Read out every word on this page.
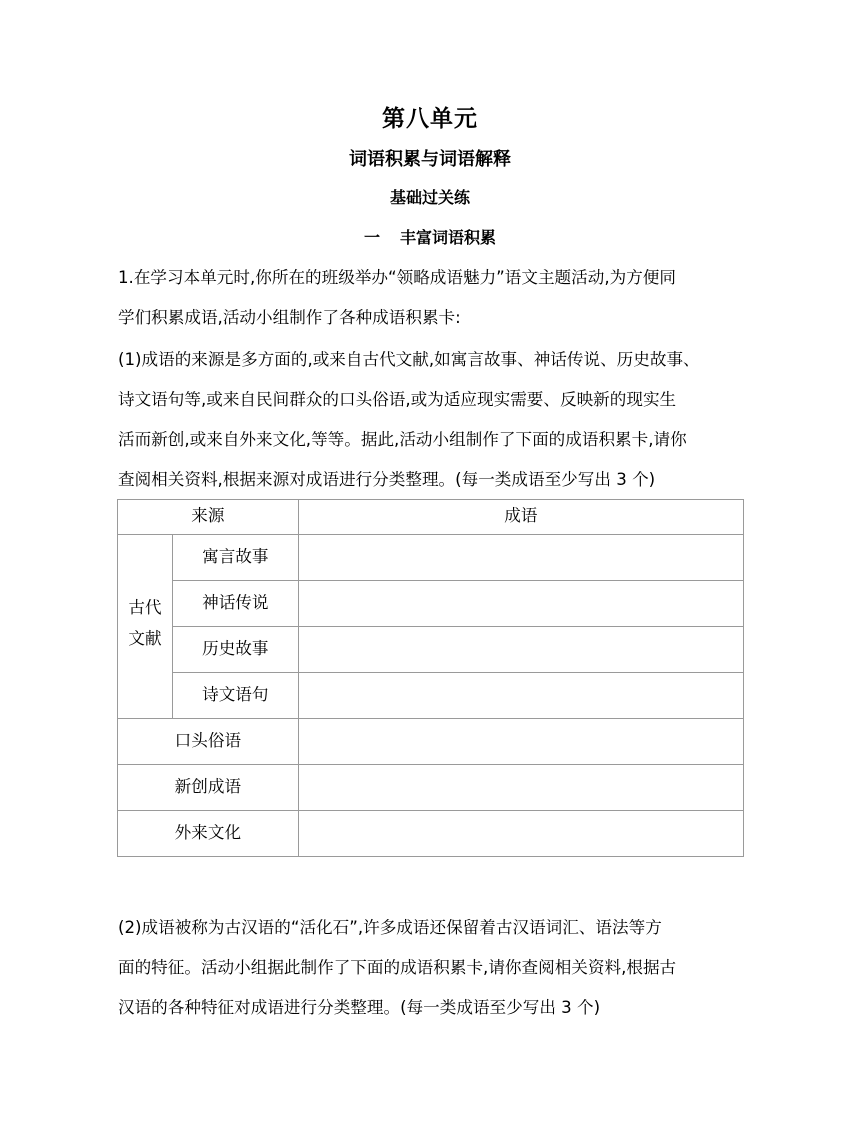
第八单元
词语积累与词语解释
基础过关练
一 丰富词语积累
1.在学习本单元时,你所在的班级举办“领略成语魅力”语文主题活动,为方便同
学们积累成语,活动小组制作了各种成语积累卡:
(1)成语的来源是多方面的,或来自古代文献,如寓言故事、神话传说、历史故事、
诗文语句等,或来自民间群众的口头俗语,或为适应现实需要、反映新的现实生
活而新创,或来自外来文化,等等。据此,活动小组制作了下面的成语积累卡,请你
查阅相关资料,根据来源对成语进行分类整理。(每一类成语至少写出 3 个)
来源		成语
古代
文献	寓言故事	
	神话传说	
	历史故事	
	诗文语句	
口头俗语		
新创成语		
外来文化		
(2)成语被称为古汉语的“活化石”,许多成语还保留着古汉语词汇、语法等方
面的特征。活动小组据此制作了下面的成语积累卡,请你查阅相关资料,根据古
汉语的各种特征对成语进行分类整理。(每一类成语至少写出 3 个)
